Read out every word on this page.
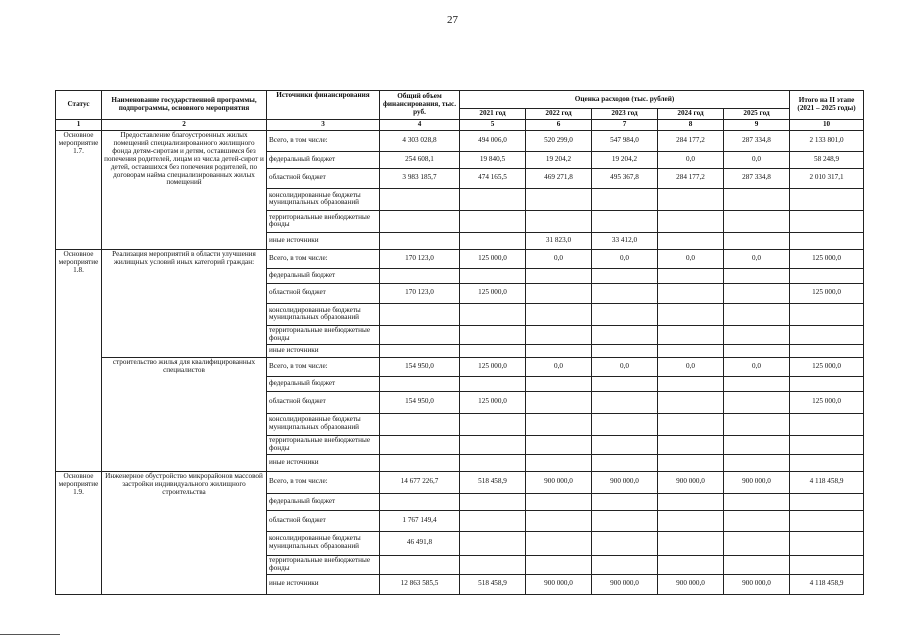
27
Статус	Наименование государственной программы, подпрограммы, основного мероприятия	Источники финансирования	Общий объем финансирования, тыс. руб.	Оценка расходов (тыс. рублей)					Итого на II этапе (2021 – 2025 годы)
				2021 год	2022 год	2023 год	2024 год	2025 год	
1	2	3	4	5	6	7	8	9	10
Основное мероприятие 1.7.	Предоставление благоустроенных жилых помещений специализированного жилищного фонда детям-сиротам и детям, оставшимся без попечения родителей, лицам из числа детей-сирот и детей, оставшихся без попечения родителей, по договорам найма специализированных жилых помещений	Всего, в том числе:	4 303 028,8	494 006,0	520 299,0	547 984,0	284 177,2	287 334,8	2 133 801,0
		федеральный бюджет	254 608,1	19 840,5	19 204,2	19 204,2	0,0	0,0	58 248,9
		областной бюджет	3 983 185,7	474 165,5	469 271,8	495 367,8	284 177,2	287 334,8	2 010 317,1
		консолидированные бюджеты муниципальных образований							
		территориальные внебюджетные фонды							
		иные источники			31 823,0	33 412,0			
Основное мероприятие 1.8.	Реализация мероприятий в области улучшения жилищных условий иных категорий граждан:	Всего, в том числе:	170 123,0	125 000,0	0,0	0,0	0,0	0,0	125 000,0
		федеральный бюджет							
		областной бюджет	170 123,0	125 000,0					125 000,0
		консолидированные бюджеты муниципальных образований							
		территориальные внебюджетные фонды							
		иные источники							
	строительство жилья для квалифицированных специалистов	Всего, в том числе:	154 950,0	125 000,0	0,0	0,0	0,0	0,0	125 000,0
		федеральный бюджет							
		областной бюджет	154 950,0	125 000,0					125 000,0
		консолидированные бюджеты муниципальных образований							
		территориальные внебюджетные фонды							
		иные источники							
Основное мероприятие 1.9.	Инженерное обустройство микрорайонов массовой застройки индивидуального жилищного строительства	Всего, в том числе:	14 677 226,7	518 458,9	900 000,0	900 000,0	900 000,0	900 000,0	4 118 458,9
		федеральный бюджет							
		областной бюджет	1 767 149,4						
		консолидированные бюджеты муниципальных образований	46 491,8						
		территориальные внебюджетные фонды							
		иные источники	12 863 585,5	518 458,9	900 000,0	900 000,0	900 000,0	900 000,0	4 118 458,9
